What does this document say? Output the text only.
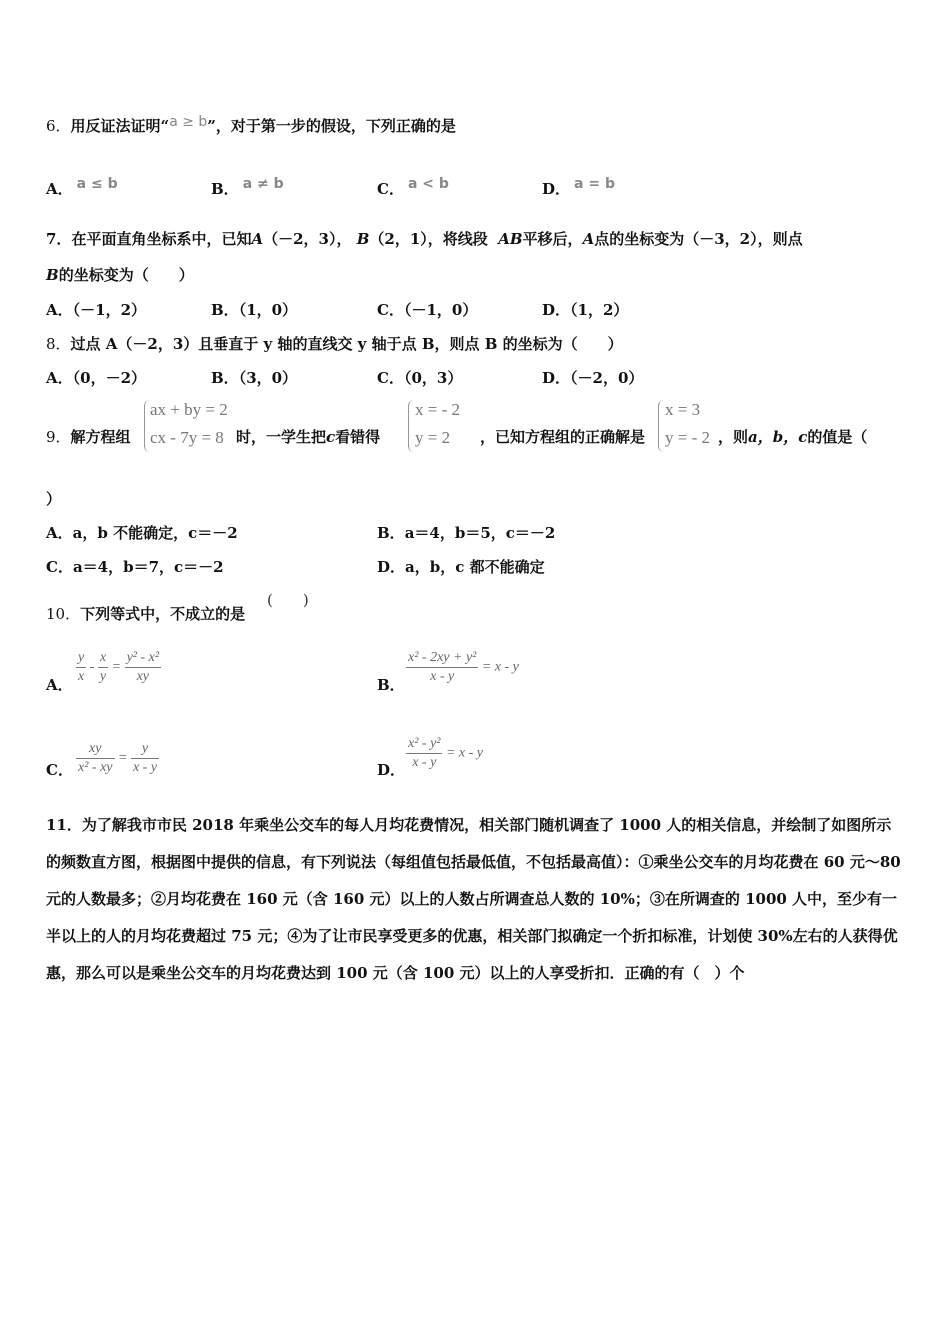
6．用反证法证明“a ≥ b”，对于第一步的假设，下列正确的是
A． a ≤ b	B． a ≠ b	C． a < b	D． a = b
7．在平面直角坐标系中，已知A（－2，3）， B（2，1），将线段 AB平移后，A点的坐标变为（－3，2），则点
B的坐标变为（　　）
A．（－1，2）	B．（1，0）	C．（－1，0）	D．（1，2）
8．过点 A（－2，3）且垂直于 y 轴的直线交 y 轴于点 B，则点 B 的坐标为（　　）
A．（0，－2）	B．（3，0）	C．（0，3）	D．（－2，0）
9．解方程组
ax + by = 2
cx - 7y = 8 时，一学生把c看错得
x = - 2
y = 2 ，已知方程组的正确解是
x = 3
y = - 2 ，则a，b，c的值是（
）
A．a，b 不能确定，c＝－2	B．a＝4，b＝5，c＝－2
C．a＝4，b＝7，c＝－2	D．a，b，c 都不能确定
10．下列等式中，不成立的是
(　　)
A． $\frac{y}{x} - \frac{x}{y} = \frac{\text{y² - x²}}{xy}$	B． $\frac{\text{x² - 2xy + y²}}{x - y} = x - y$
C． $\frac{xy}{\text{x² - xy}} = \frac{y}{x - y}$	D． $\frac{\text{x² - y²}}{x - y} = x - y$
11．为了解我市市民 2018 年乘坐公交车的每人月均花费情况，相关部门随机调查了 1000 人的相关信息，并绘制了如图所示的频数直方图，根据图中提供的信息，有下列说法（每组值包括最低值，不包括最高值）：①乘坐公交车的月均花费在 60 元～80 元的人数最多；②月均花费在 160 元（含 160 元）以上的人数占所调查总人数的 10%；③在所调查的 1000 人中，至少有一半以上的人的月均花费超过 75 元；④为了让市民享受更多的优惠，相关部门拟确定一个折扣标准，计划使 30%左右的人获得优惠，那么可以是乘坐公交车的月均花费达到 100 元（含 100 元）以上的人享受折扣．正确的有（　）个
